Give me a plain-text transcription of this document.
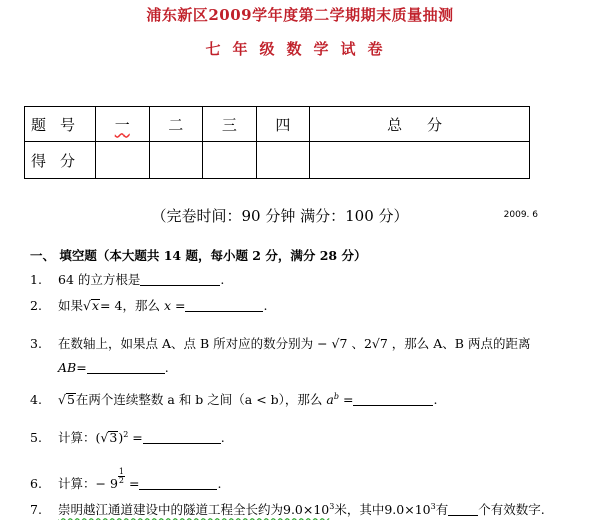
浦东新区2009学年度第二学期期末质量抽测
七年级数学试卷
题号	一	二	三	四	总 分
得分					
（完卷时间：90 分钟 满分：100 分）	2009. 6
一、 填空题（本大题共 14 题，每小题 2 分，满分 28 分）
1. 64 的立方根是	.
2. 如果√x= 4，那么 x =	.
3. 在数轴上，如果点 A、点 B 所对应的数分别为 − √7 、2√7 ，那么 A、B 两点的距离
AB=	.
4. √5在两个连续整数 a 和 b 之间（a < b），那么 $a^b$ =	.
5. 计算：$(√3)^2$ =	.
6. 计算：− $9 \frac{1}{2}$ =	.
7. 崇明越江通道建设中的隧道工程全长约为$9.0\times 10^3$米，其中$9.0\times 10^3$有 个有效数字.
